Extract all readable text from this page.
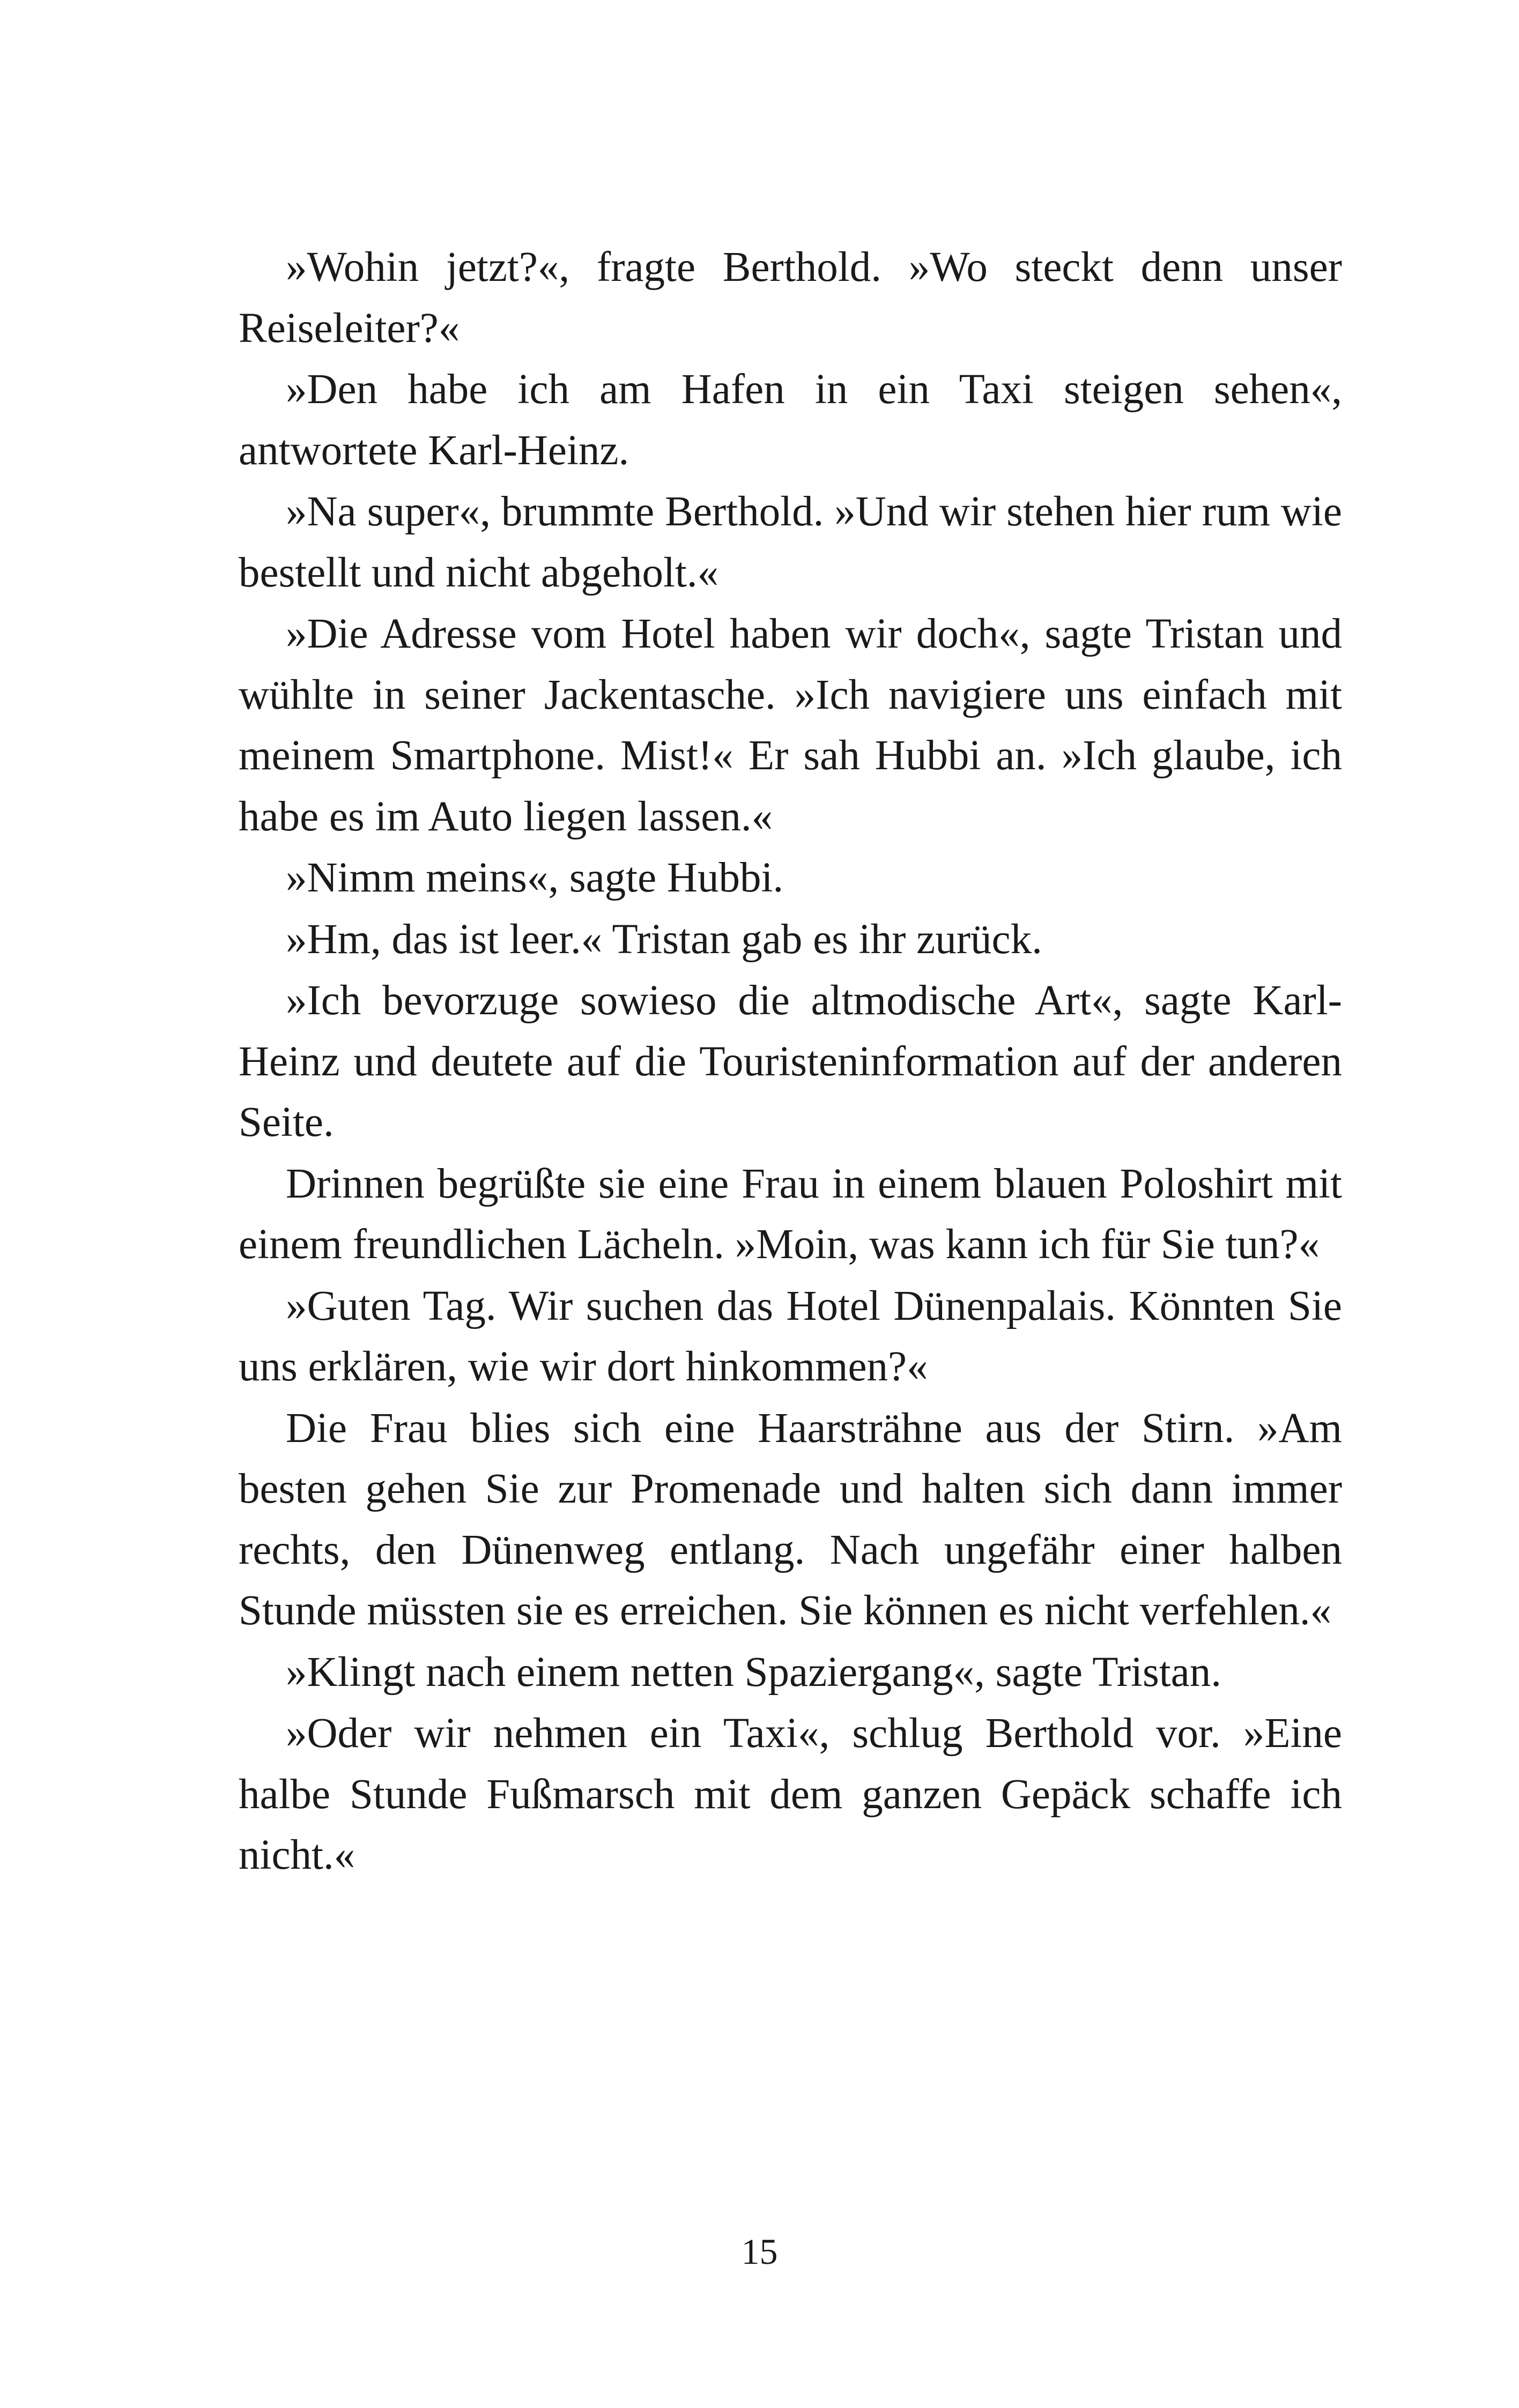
»Wohin jetzt?«, fragte Berthold. »Wo steckt denn unser Reiseleiter?«

»Den habe ich am Hafen in ein Taxi steigen sehen«, antwortete Karl-Heinz.

»Na super«, brummte Berthold. »Und wir stehen hier rum wie bestellt und nicht abgeholt.«

»Die Adresse vom Hotel haben wir doch«, sagte Tristan und wühlte in seiner Jackentasche. »Ich navigiere uns einfach mit meinem Smartphone. Mist!« Er sah Hubbi an. »Ich glaube, ich habe es im Auto liegen lassen.«

»Nimm meins«, sagte Hubbi.

»Hm, das ist leer.« Tristan gab es ihr zurück.

»Ich bevorzuge sowieso die altmodische Art«, sagte Karl-Heinz und deutete auf die Touristeninformation auf der anderen Seite.

Drinnen begrüßte sie eine Frau in einem blauen Poloshirt mit einem freundlichen Lächeln. »Moin, was kann ich für Sie tun?«

»Guten Tag. Wir suchen das Hotel Dünenpalais. Könnten Sie uns erklären, wie wir dort hinkommen?«

Die Frau blies sich eine Haarsträhne aus der Stirn. »Am besten gehen Sie zur Promenade und halten sich dann immer rechts, den Dünenweg entlang. Nach ungefähr einer halben Stunde müssten sie es erreichen. Sie können es nicht verfehlen.«

»Klingt nach einem netten Spaziergang«, sagte Tristan.

»Oder wir nehmen ein Taxi«, schlug Berthold vor. »Eine halbe Stunde Fußmarsch mit dem ganzen Gepäck schaffe ich nicht.«

15
